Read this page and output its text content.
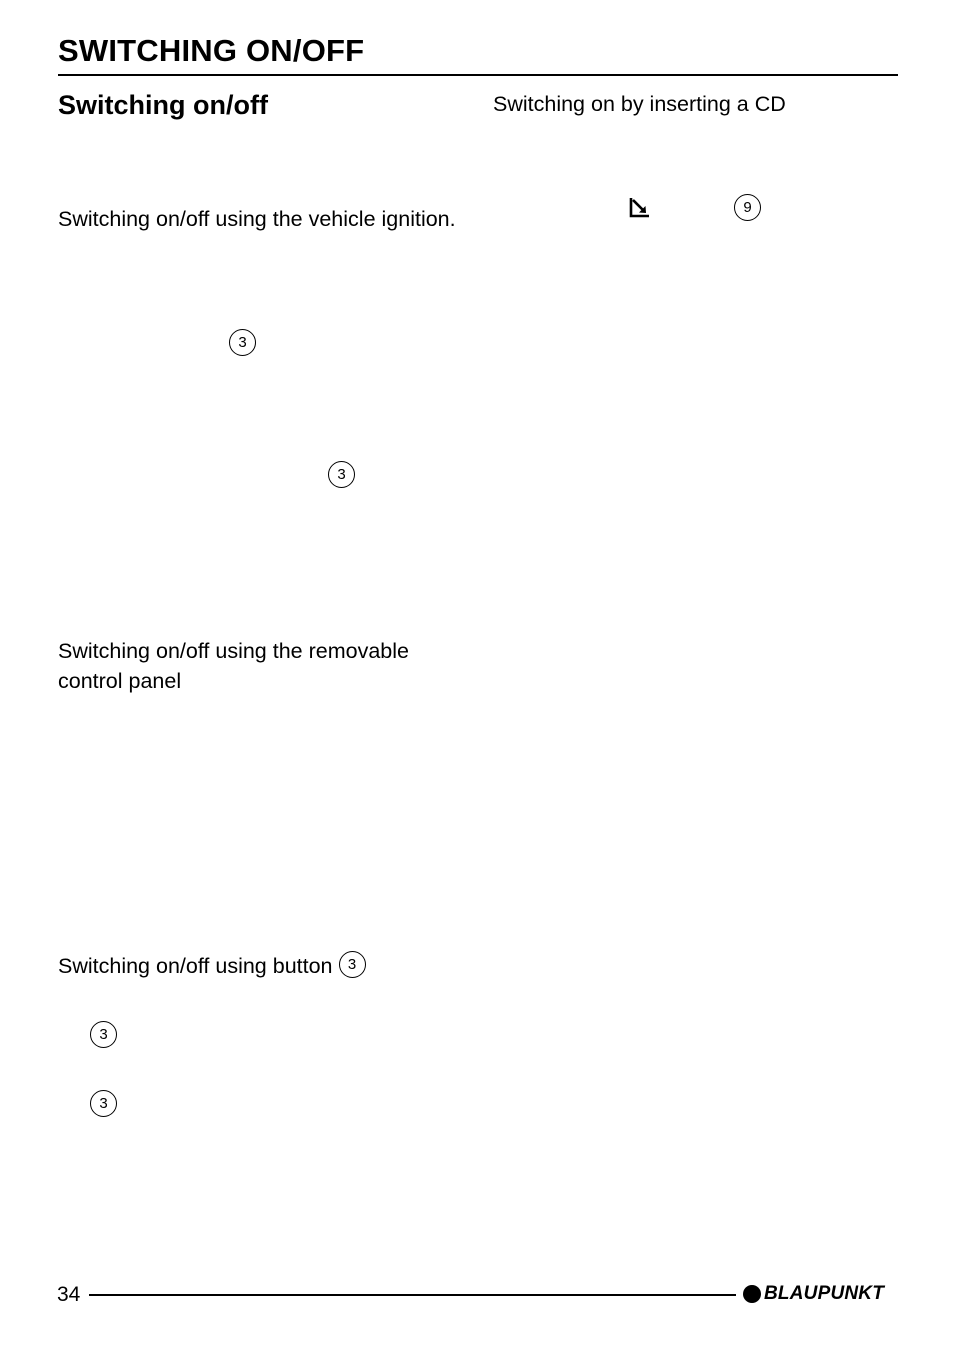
SWITCHING ON/OFF
Switching on/off
Switching on/off using the vehicle ignition.
3
3
Switching on/off using the removable control panel
Switching on/off using button 3
3
3
Switching on by inserting a CD
9
34	BLAUPUNKT
